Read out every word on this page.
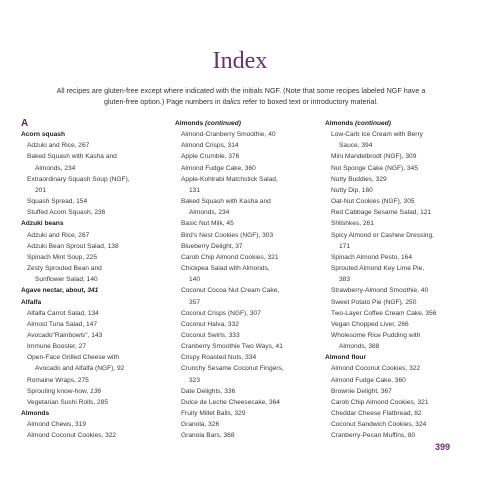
Index
All recipes are gluten-free except where indicated with the initials NGF. (Note that some recipes labeled NGF have a gluten-free option.) Page numbers in italics refer to boxed text or introductory material.
A
Acorn squash
Adzuki and Rice, 267
Baked Squash with Kasha and
Almonds, 234
Extraordinary Squash Soup (NGF),
201
Squash Spread, 154
Stuffed Acorn Squash, 236
Adzuki beans
Adzuki and Rice, 267
Adzuki Bean Sprout Salad, 138
Spinach Mint Soup, 225
Zesty Sprouted Bean and
Sunflower Salad, 140
Agave nectar, about, 341
Alfalfa
Alfalfa Carrot Salad, 134
Almost Tuna Salad, 147
Avocado"Rainbowls", 143
Immune Booster, 27
Open-Face Grilled Cheese with
Avocado and Alfalfa (NGF), 92
Romaine Wraps, 275
Sprouting know-how, 136
Vegetarian Sushi Rolls, 285
Almonds
Almond Chews, 319
Almond Coconut Cookies, 322
Almonds (continued)
Almond-Cranberry Smoothie, 40
Almond Crisps, 314
Apple Crumble, 376
Almond Fudge Cake, 360
Apple-Kohlrabi Matchstick Salad,
131
Baked Squash with Kasha and
Almonds, 234
Basic Nut Milk, 45
Bird's Nest Cookies (NGF), 303
Blueberry Delight, 37
Carob Chip Almond Cookies, 321
Chickpea Salad with Almonds,
140
Coconut Cocoa Nut Cream Cake,
357
Coconut Crisps (NGF), 307
Coconut Halva, 332
Coconut Swirls, 333
Cranberry Smoothie Two Ways, 41
Crispy Roasted Nuts, 334
Crunchy Sesame Coconut Fingers,
323
Date Delights, 336
Dulce de Leche Cheesecake, 364
Fruity Millet Balls, 329
Granola, 326
Granola Bars, 368
Almonds (continued)
Low-Carb Ice Cream with Berry
Sauce, 394
Mini Mandelbrodt (NGF), 309
Nut Sponge Cake (NGF), 345
Nutty Buddies, 329
Nutty Dip, 160
Oat-Nut Cookies (NGF), 305
Red Cabbage Sesame Salad, 121
Shlishkes, 261
Spicy Almond or Cashew Dressing,
171
Spinach Almond Pesto, 164
Sprouted Almond Key Lime Pie,
383
Strawberry-Almond Smoothie, 40
Sweet Potato Pie (NGF), 250
Two-Layer Coffee Cream Cake, 356
Vegan Chopped Liver, 266
Wholesome Rice Pudding with
Almonds, 388
Almond flour
Almond Coconut Cookies, 322
Almond Fudge Cake, 360
Brownie Delight, 367
Carob Chip Almond Cookies, 321
Cheddar Cheese Flatbread, 82
Coconut Sandwich Cookies, 324
Cranberry-Pecan Muffins, 80
399
